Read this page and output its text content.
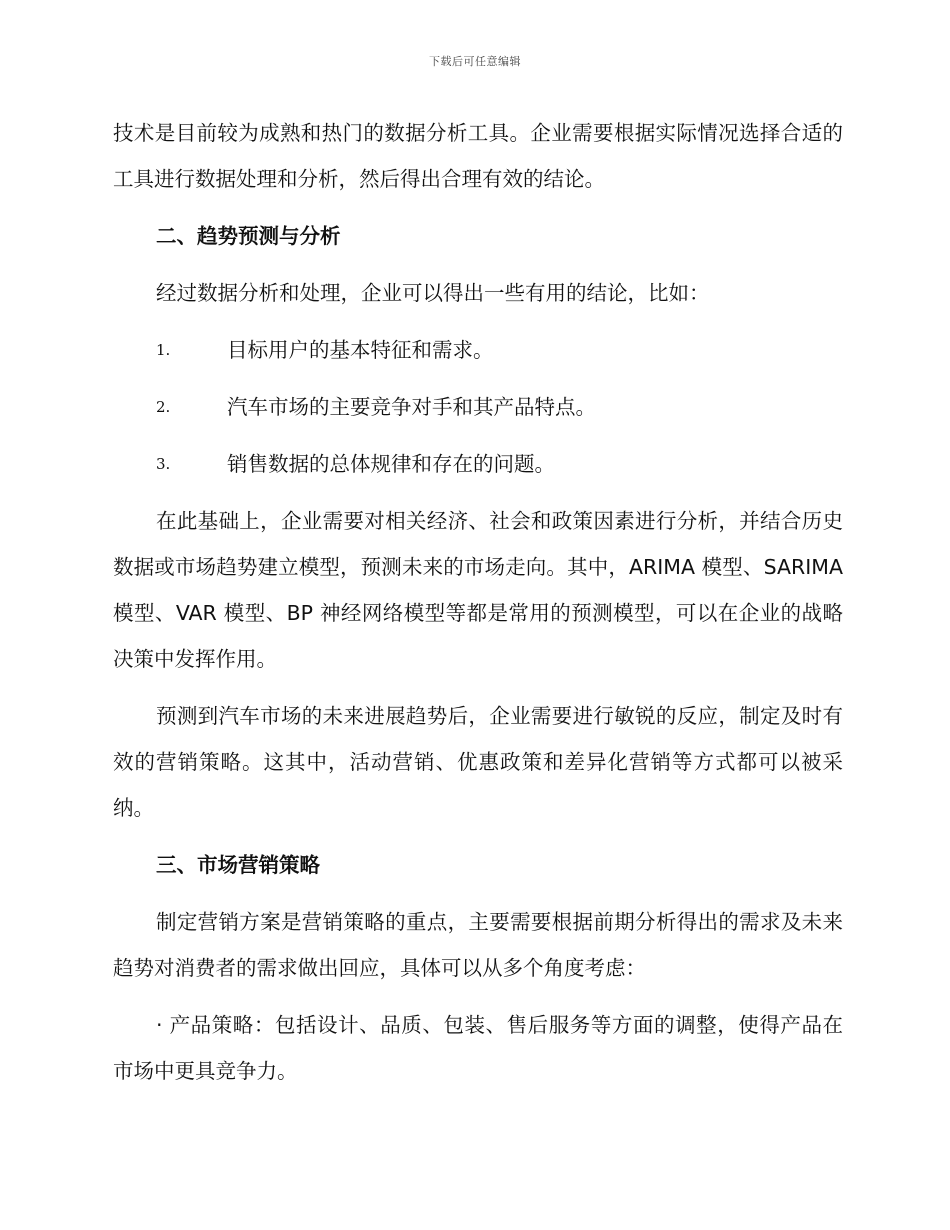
下载后可任意编辑

技术是目前较为成熟和热门的数据分析工具。企业需要根据实际情况选择合适的工具进行数据处理和分析，然后得出合理有效的结论。

二、趋势预测与分析

经过数据分析和处理，企业可以得出一些有用的结论，比如：

1.	目标用户的基本特征和需求。
2.	汽车市场的主要竞争对手和其产品特点。
3.	销售数据的总体规律和存在的问题。

在此基础上，企业需要对相关经济、社会和政策因素进行分析，并结合历史数据或市场趋势建立模型，预测未来的市场走向。其中，ARIMA 模型、SARIMA 模型、VAR 模型、BP 神经网络模型等都是常用的预测模型，可以在企业的战略决策中发挥作用。

预测到汽车市场的未来进展趋势后，企业需要进行敏锐的反应，制定及时有效的营销策略。这其中，活动营销、优惠政策和差异化营销等方式都可以被采纳。

三、市场营销策略

制定营销方案是营销策略的重点，主要需要根据前期分析得出的需求及未来趋势对消费者的需求做出回应，具体可以从多个角度考虑：

· 产品策略：包括设计、品质、包装、售后服务等方面的调整，使得产品在市场中更具竞争力。
